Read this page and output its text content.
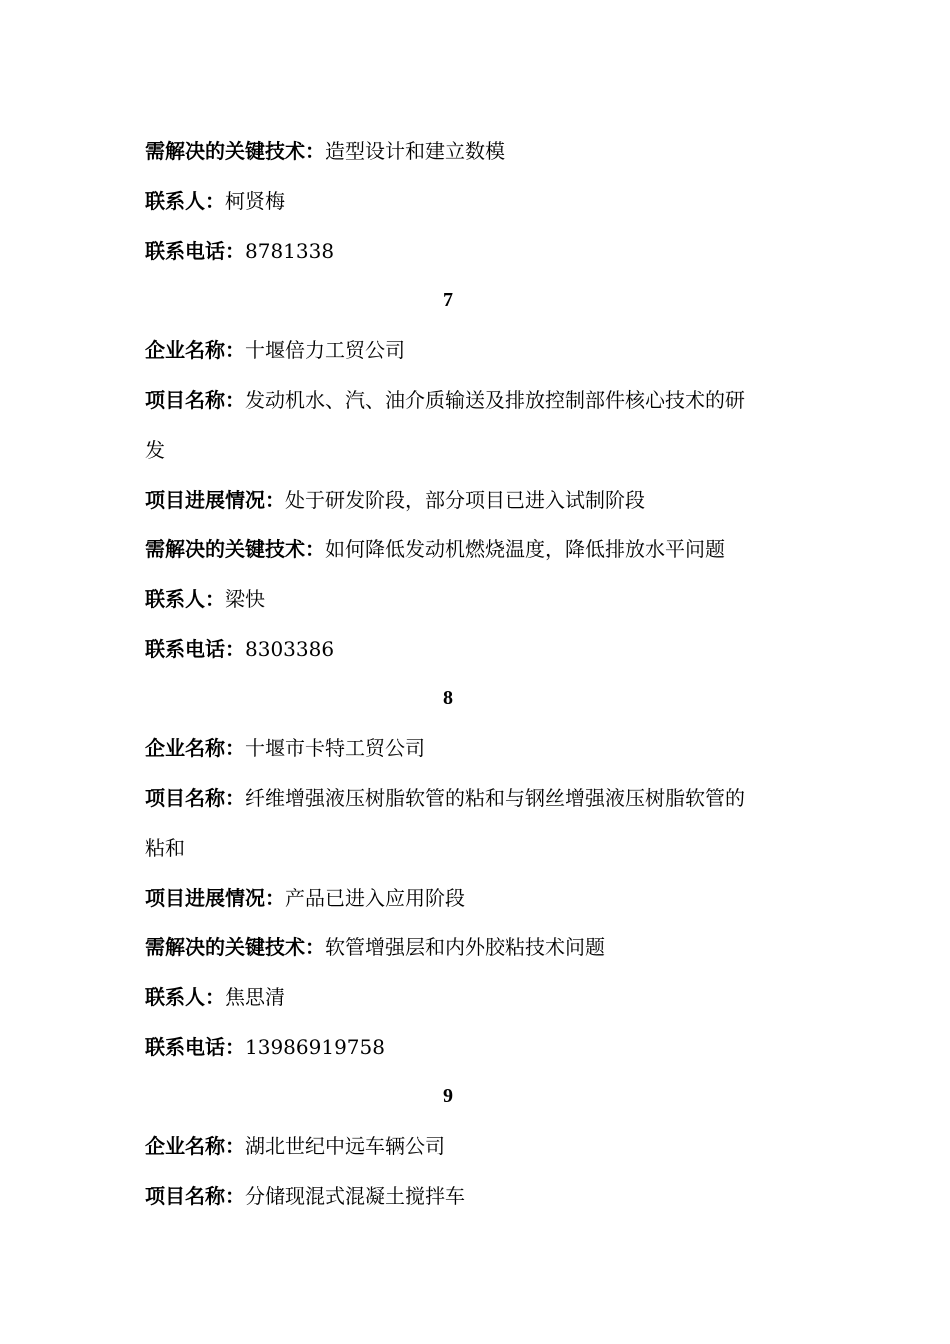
需解决的关键技术：造型设计和建立数模
联系人：柯贤梅
联系电话：8781338
7
企业名称：十堰倍力工贸公司
项目名称：发动机水、汽、油介质输送及排放控制部件核心技术的研
发
项目进展情况：处于研发阶段，部分项目已进入试制阶段
需解决的关键技术：如何降低发动机燃烧温度，降低排放水平问题
联系人：梁快
联系电话：8303386
8
企业名称：十堰市卡特工贸公司
项目名称：纤维增强液压树脂软管的粘和与钢丝增强液压树脂软管的
粘和
项目进展情况：产品已进入应用阶段
需解决的关键技术：软管增强层和内外胶粘技术问题
联系人：焦思清
联系电话：13986919758
9
企业名称：湖北世纪中远车辆公司
项目名称：分储现混式混凝土搅拌车
